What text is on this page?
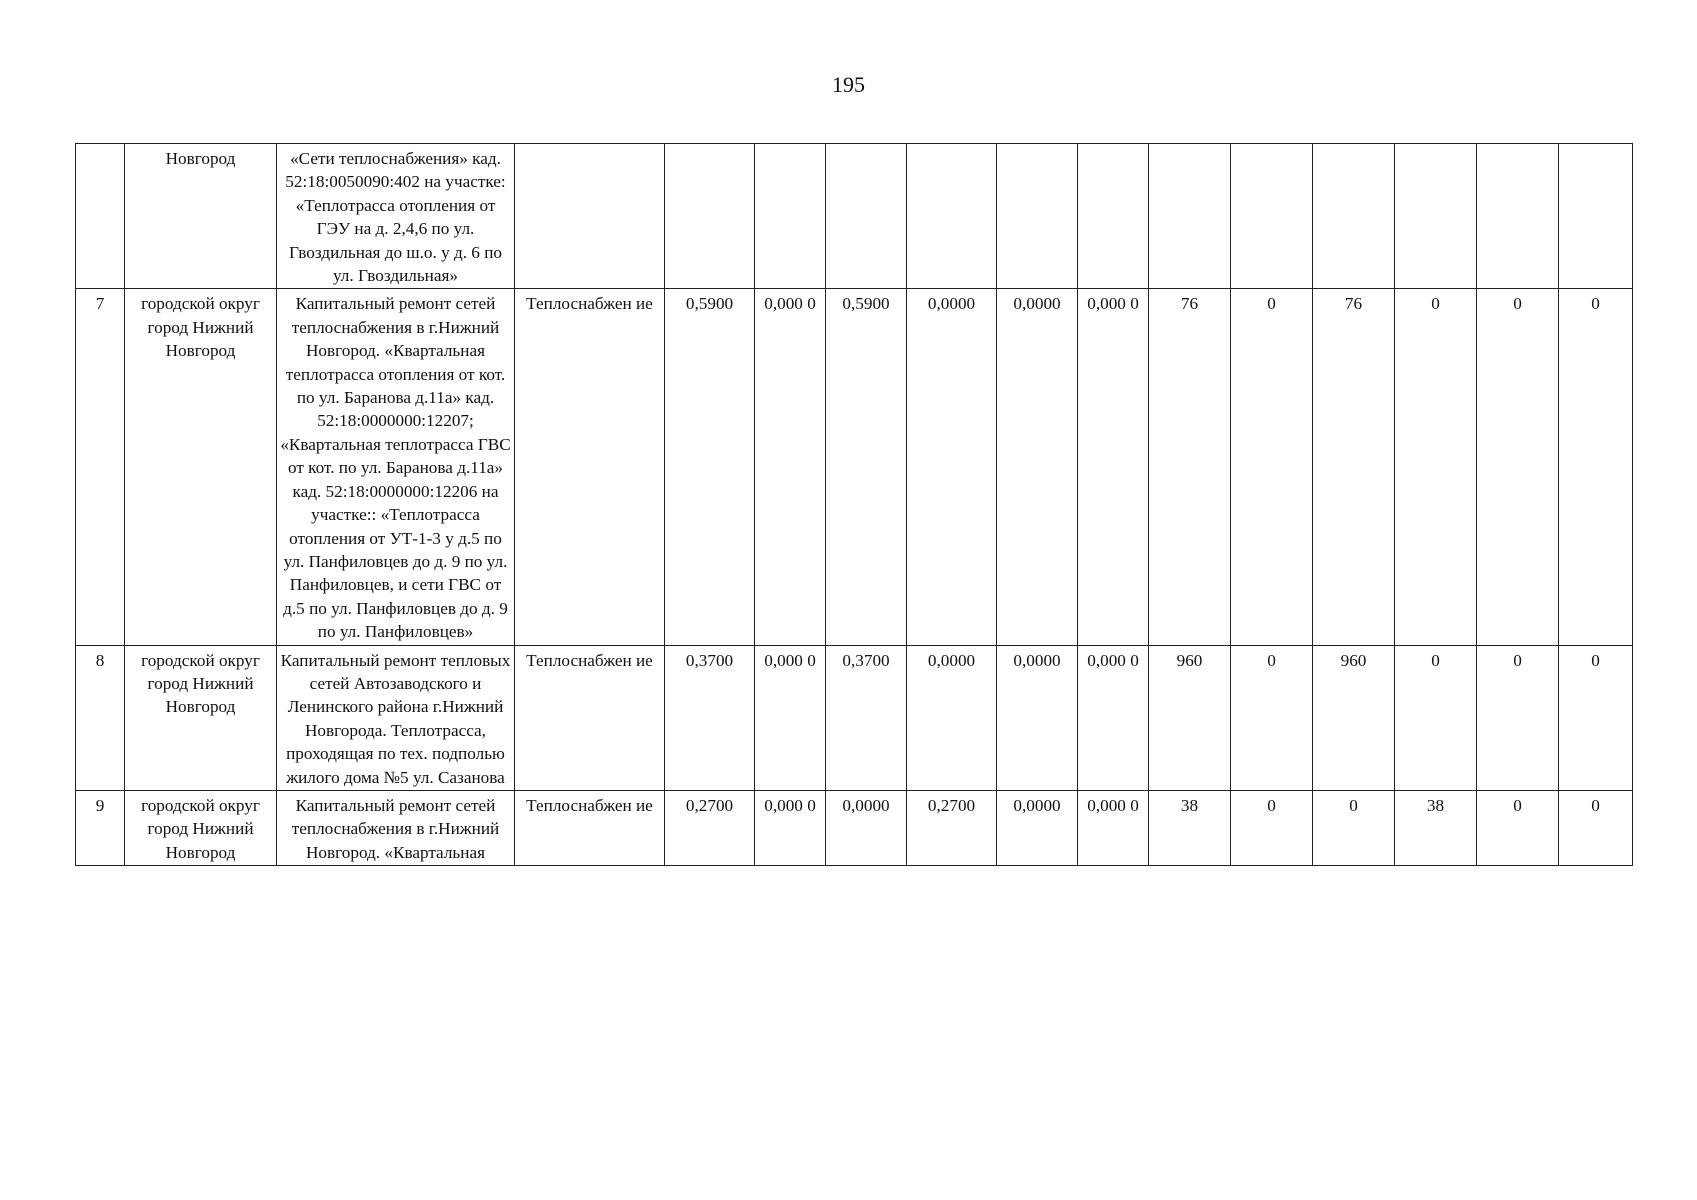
195
	Новгород	«Сети теплоснабжения» кад. 52:18:0050090:402 на участке: «Теплотрасса отопления от ГЭУ на д. 2,4,6 по ул. Гвоздильная до ш.о. у д. 6 по ул. Гвоздильная»													
7	городской округ город Нижний Новгород	Капитальный ремонт сетей теплоснабжения в г.Нижний Новгород. «Квартальная теплотрасса отопления от кот. по ул. Баранова д.11а» кад. 52:18:0000000:12207; «Квартальная теплотрасса ГВС от кот. по ул. Баранова д.11а» кад. 52:18:0000000:12206 на участке:: «Теплотрасса отопления от УТ-1-3 у д.5 по ул. Панфиловцев до д. 9 по ул. Панфиловцев, и сети ГВС от д.5 по ул. Панфиловцев до д. 9 по ул. Панфиловцев»	Теплоснабжен ие	0,5900	0,000 0	0,5900	0,0000	0,0000	0,000 0	76	0	76	0	0	0
8	городской округ город Нижний Новгород	Капитальный ремонт тепловых сетей Автозаводского и Ленинского района г.Нижний Новгорода. Теплотрасса, проходящая по тех. подполью жилого дома №5 ул. Сазанова	Теплоснабжен ие	0,3700	0,000 0	0,3700	0,0000	0,0000	0,000 0	960	0	960	0	0	0
9	городской округ город Нижний Новгород	Капитальный ремонт сетей теплоснабжения в г.Нижний Новгород. «Квартальная	Теплоснабжен ие	0,2700	0,000 0	0,0000	0,2700	0,0000	0,000 0	38	0	0	38	0	0
